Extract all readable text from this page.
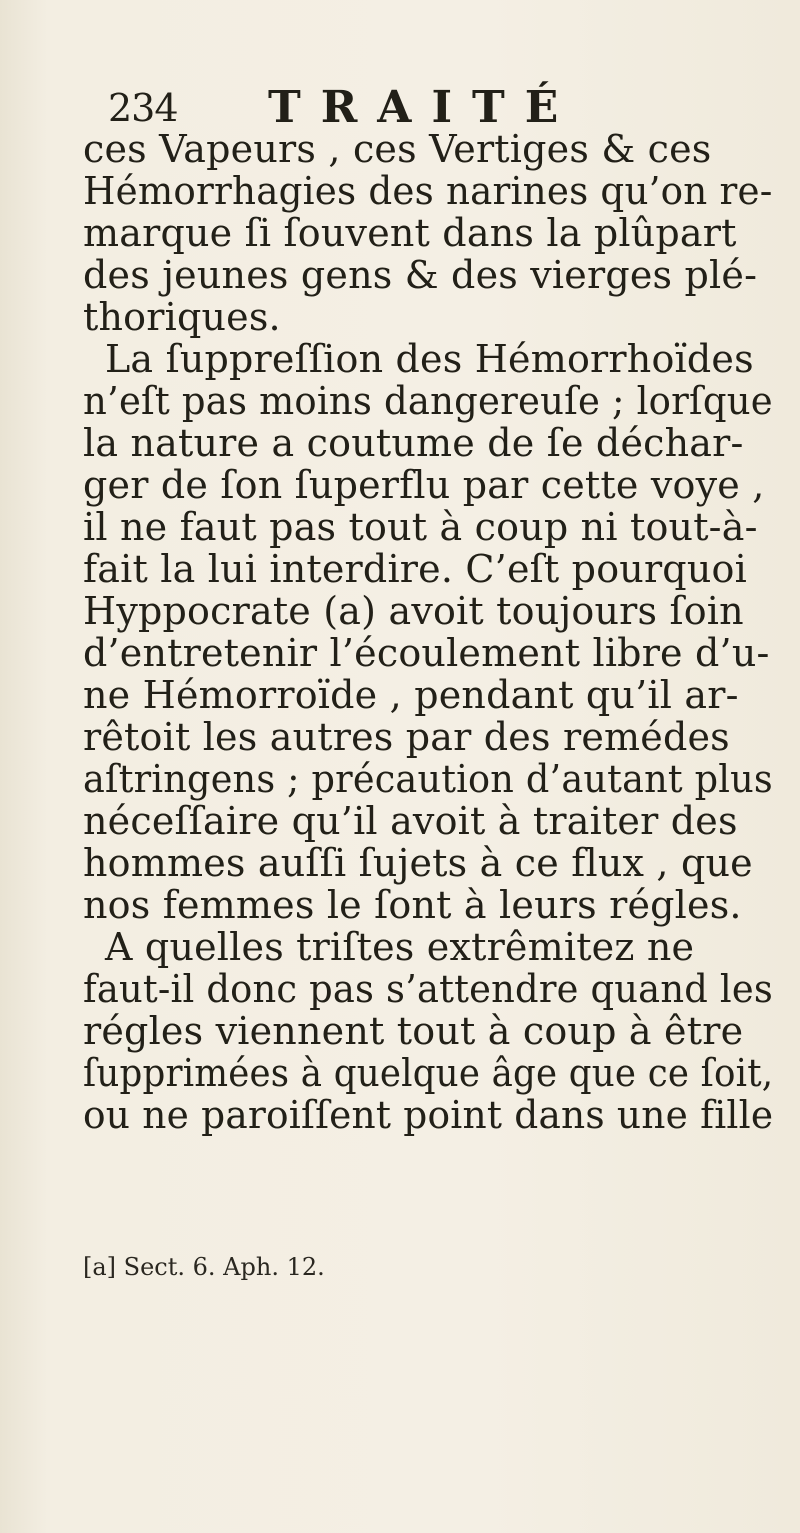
234 TRAITÉ
ces Vapeurs , ces Vertiges & ces
Hémorrhagies des narines qu’on re-
marque ſi ſouvent dans la plûpart
des jeunes gens & des vierges plé-
thoriques.
La ſuppreſſion des Hémorrhoïdes
n’eſt pas moins dangereuſe ; lorſque
la nature a coutume de ſe déchar-
ger de ſon ſuperflu par cette voye ,
il ne faut pas tout à coup ni tout-à-
fait la lui interdire. C’eſt pourquoi
Hyppocrate (a) avoit toujours ſoin
d’entretenir l’écoulement libre d’u-
ne Hémorroïde , pendant qu’il ar-
rêtoit les autres par des remédes
aſtringens ; précaution d’autant plus
néceſſaire qu’il avoit à traiter des
hommes auſſi ſujets à ce flux , que
nos femmes le ſont à leurs régles.
A quelles triſtes extrêmitez ne
faut-il donc pas s’attendre quand les
régles viennent tout à coup à être
ſupprimées à quelque âge que ce ſoit,
ou ne paroiſſent point dans une fille
[a] Sect. 6. Aph. 12.
